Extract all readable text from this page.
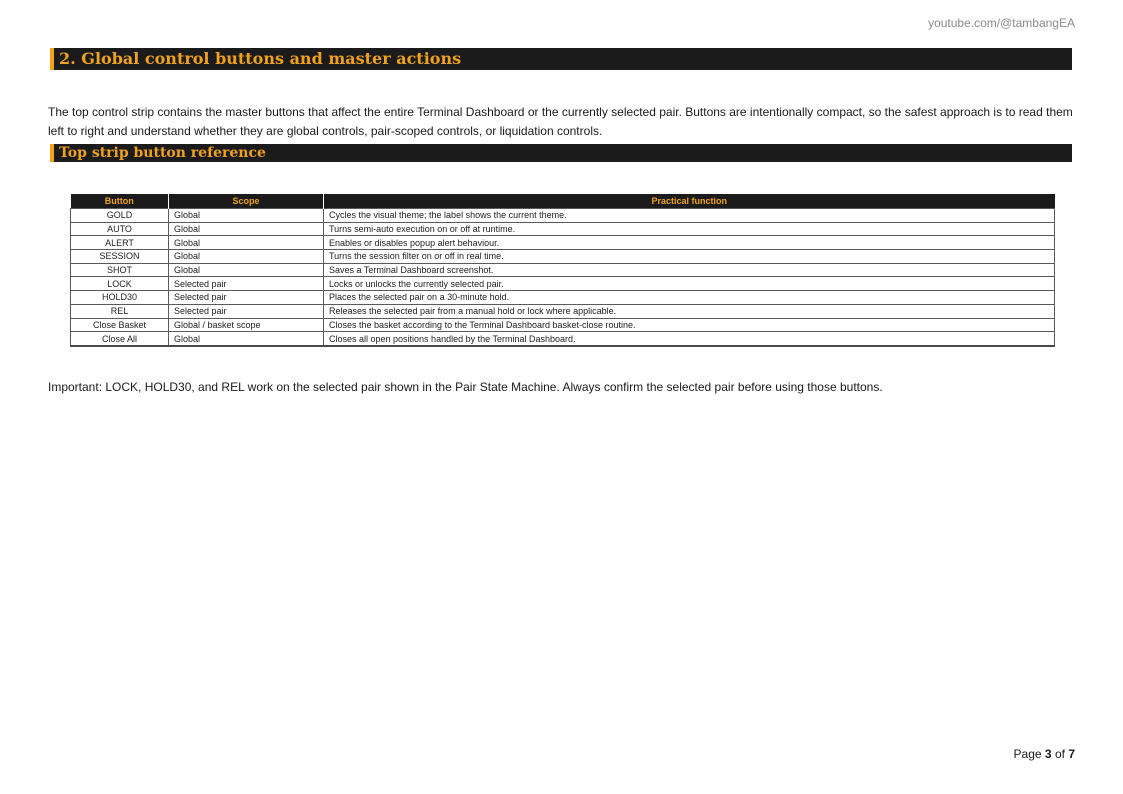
youtube.com/@tambangEA
2. Global control buttons and master actions
The top control strip contains the master buttons that affect the entire Terminal Dashboard or the currently selected pair. Buttons are intentionally compact, so the safest approach is to read them left to right and understand whether they are global controls, pair-scoped controls, or liquidation controls.
Top strip button reference
Button	Scope	Practical function
GOLD	Global	Cycles the visual theme; the label shows the current theme.
AUTO	Global	Turns semi-auto execution on or off at runtime.
ALERT	Global	Enables or disables popup alert behaviour.
SESSION	Global	Turns the session filter on or off in real time.
SHOT	Global	Saves a Terminal Dashboard screenshot.
LOCK	Selected pair	Locks or unlocks the currently selected pair.
HOLD30	Selected pair	Places the selected pair on a 30-minute hold.
REL	Selected pair	Releases the selected pair from a manual hold or lock where applicable.
Close Basket	Global / basket scope	Closes the basket according to the Terminal Dashboard basket-close routine.
Close All	Global	Closes all open positions handled by the Terminal Dashboard.
Important: LOCK, HOLD30, and REL work on the selected pair shown in the Pair State Machine. Always confirm the selected pair before using those buttons.
Page 3 of 7
